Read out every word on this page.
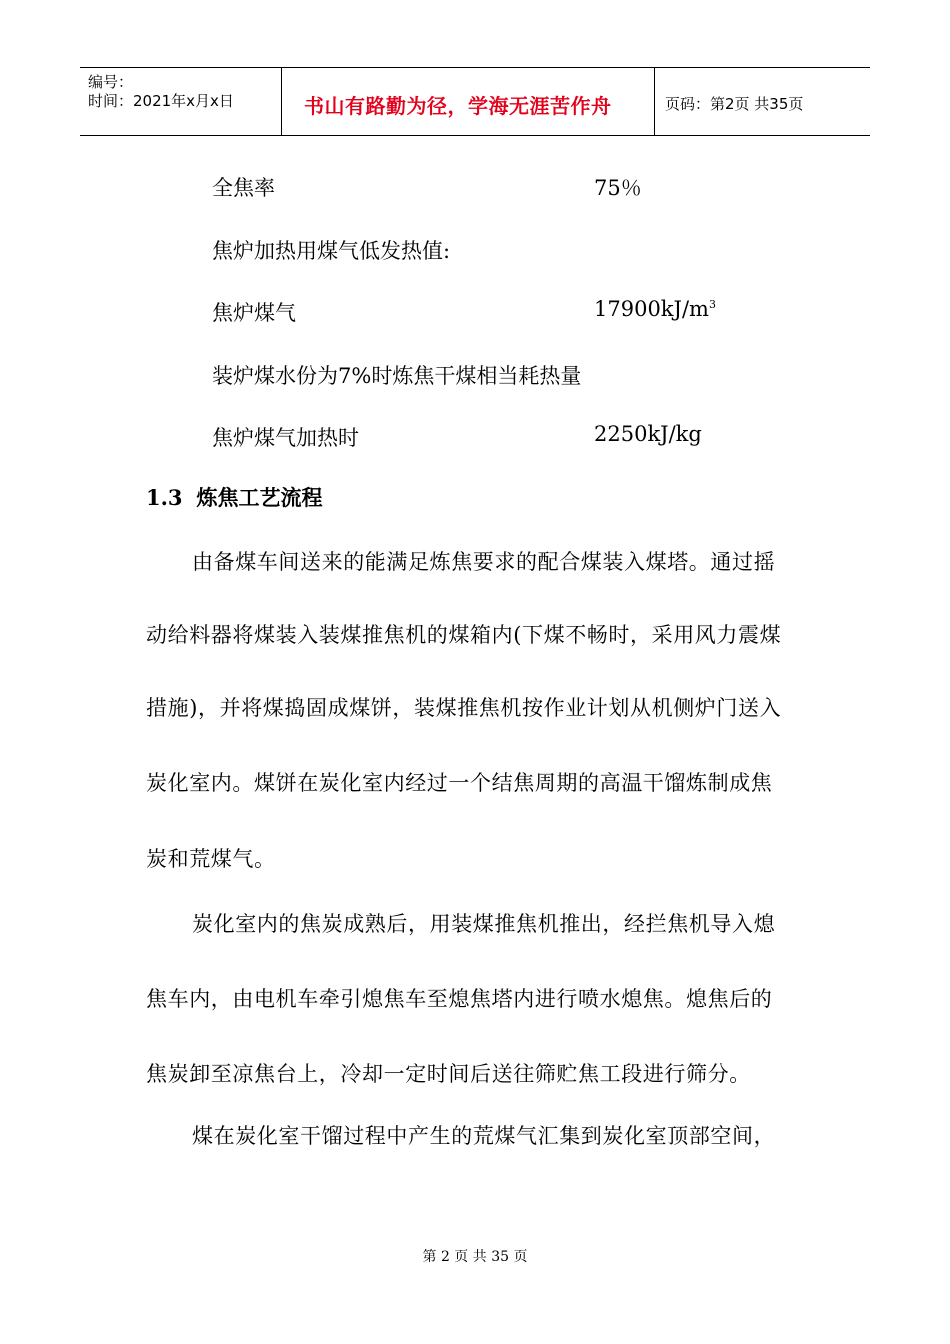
编号：
时间：2021年x月x日	书山有路勤为径，学海无涯苦作舟	页码：第2页 共35页
全焦率	75％
焦炉加热用煤气低发热值:
焦炉煤气	$17900kJ/m^3$
装炉煤水份为7%时炼焦干煤相当耗热量
焦炉煤气加热时	2250kJ/kg
1.3 炼焦工艺流程
由备煤车间送来的能满足炼焦要求的配合煤装入煤塔。通过摇
动给料器将煤装入装煤推焦机的煤箱内(下煤不畅时，采用风力震煤
措施)，并将煤捣固成煤饼，装煤推焦机按作业计划从机侧炉门送入
炭化室内。煤饼在炭化室内经过一个结焦周期的高温干馏炼制成焦
炭和荒煤气。
炭化室内的焦炭成熟后，用装煤推焦机推出，经拦焦机导入熄
焦车内，由电机车牵引熄焦车至熄焦塔内进行喷水熄焦。熄焦后的
焦炭卸至凉焦台上，冷却一定时间后送往筛贮焦工段进行筛分。
煤在炭化室干馏过程中产生的荒煤气汇集到炭化室顶部空间，
第 2 页 共 35 页
